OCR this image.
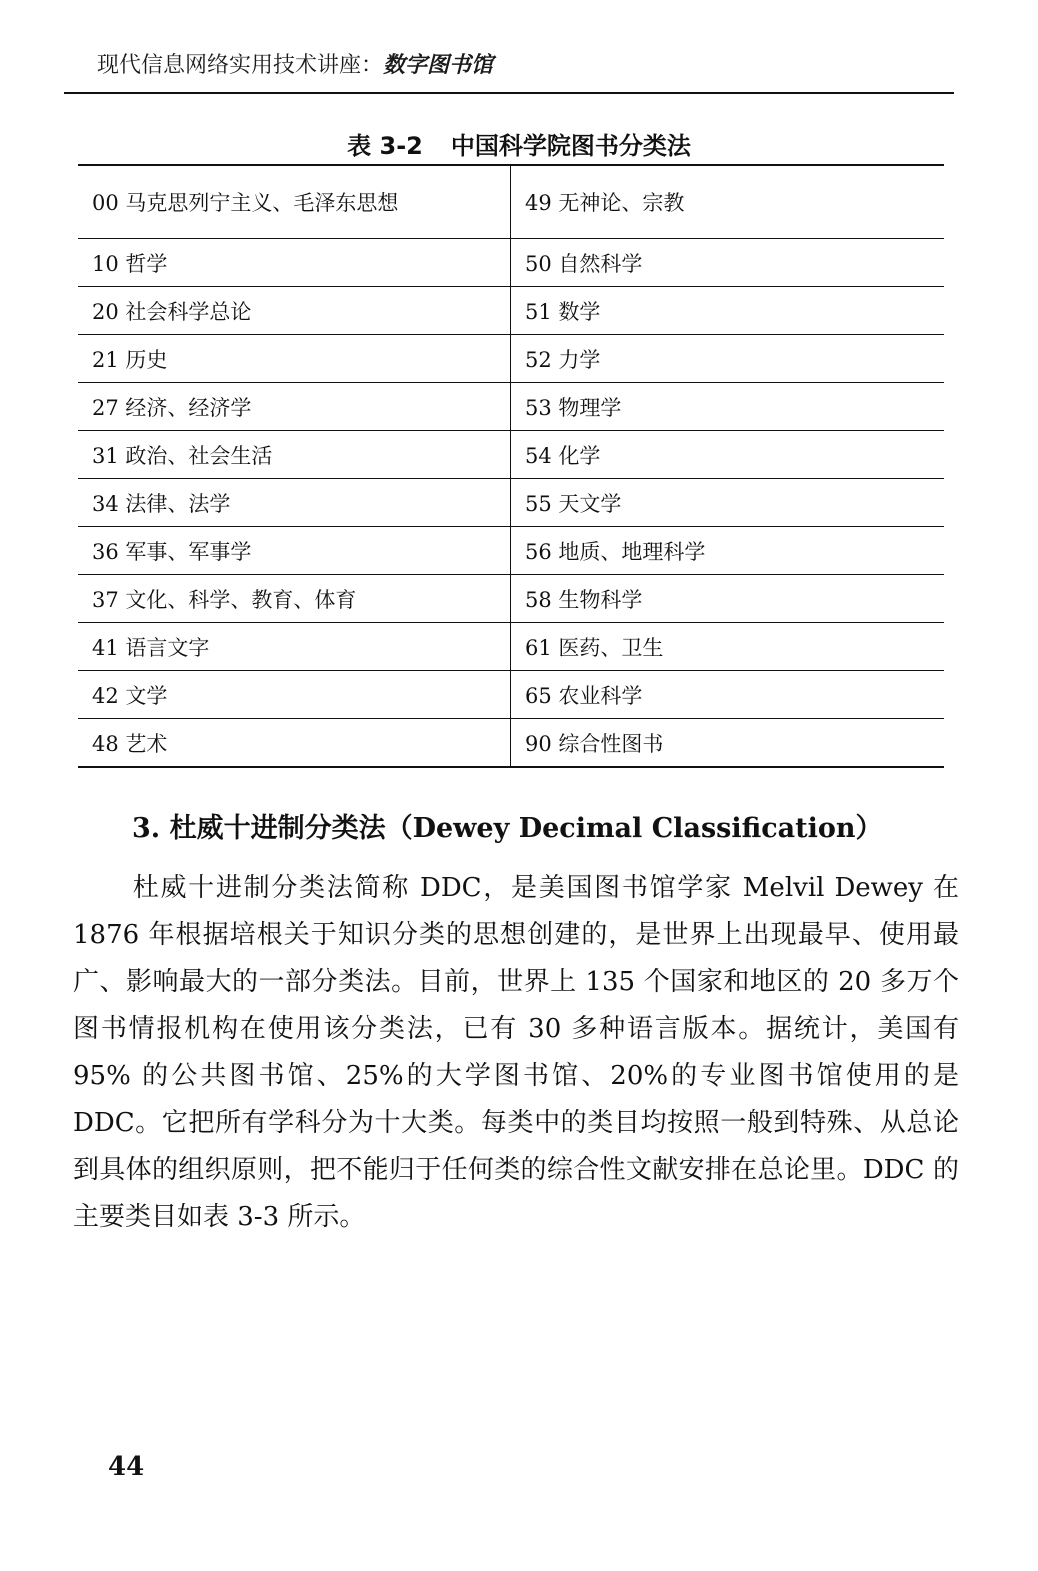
现代信息网络实用技术讲座：数字图书馆
表 3-2 中国科学院图书分类法
00 马克思列宁主义、毛泽东思想	49 无神论、宗教
10 哲学	50 自然科学
20 社会科学总论	51 数学
21 历史	52 力学
27 经济、经济学	53 物理学
31 政治、社会生活	54 化学
34 法律、法学	55 天文学
36 军事、军事学	56 地质、地理科学
37 文化、科学、教育、体育	58 生物科学
41 语言文字	61 医药、卫生
42 文学	65 农业科学
48 艺术	90 综合性图书
3. 杜威十进制分类法（Dewey Decimal Classification）
杜威十进制分类法简称 DDC，是美国图书馆学家 Melvil Dewey 在 1876 年根据培根关于知识分类的思想创建的，是世界上出现最早、使用最广、影响最大的一部分类法。目前，世界上 135 个国家和地区的 20 多万个图书情报机构在使用该分类法，已有 30 多种语言版本。据统计，美国有 95% 的公共图书馆、25%的大学图书馆、20%的专业图书馆使用的是 DDC。它把所有学科分为十大类。每类中的类目均按照一般到特殊、从总论到具体的组织原则，把不能归于任何类的综合性文献安排在总论里。DDC 的主要类目如表 3-3 所示。
44
